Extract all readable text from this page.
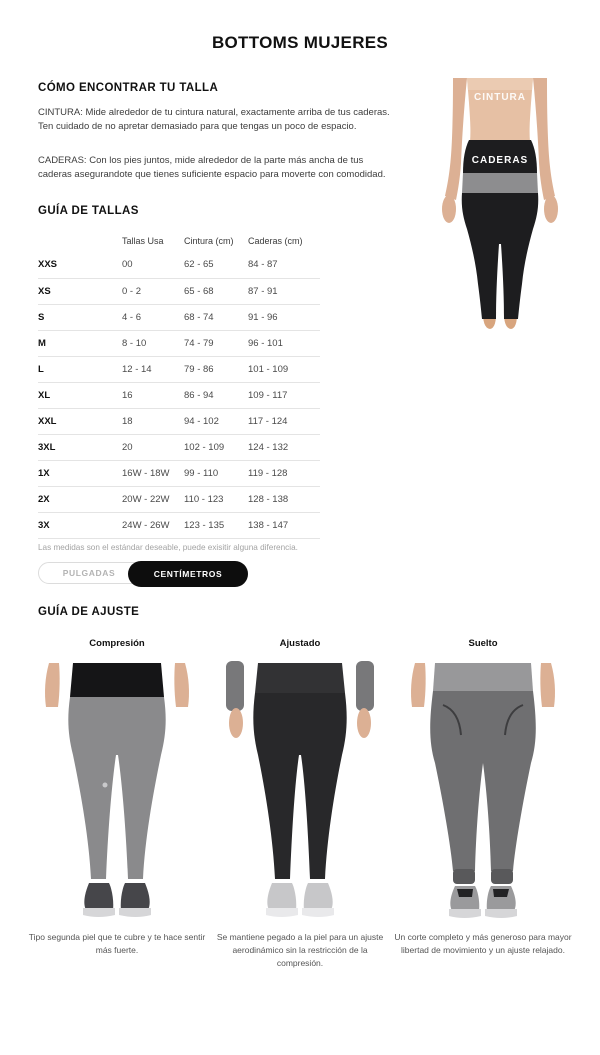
BOTTOMS MUJERES
CÓMO ENCONTRAR TU TALLA

CINTURA: Mide alrededor de tu cintura natural, exactamente arriba de tus caderas. Ten cuidado de no apretar demasiado para que tengas un poco de espacio.

CADERAS: Con los pies juntos, mide alrededor de la parte más ancha de tus caderas asegurandote que tienes suficiente espacio para moverte con comodidad.

CINTURA
CADERAS
GUÍA DE TALLAS
	Tallas Usa	Cintura (cm)	Caderas (cm)
XXS	00	62 - 65	84 - 87
XS	0 - 2	65 - 68	87 - 91
S	4 - 6	68 - 74	91 - 96
M	8 - 10	74 - 79	96 - 101
L	12 - 14	79 - 86	101 - 109
XL	16	86 - 94	109 - 117
XXL	18	94 - 102	117 - 124
3XL	20	102 - 109	124 - 132
1X	16W - 18W	99 - 110	119 - 128
2X	20W - 22W	110 - 123	128 - 138
3X	24W - 26W	123 - 135	138 - 147

Las medidas son el estándar deseable, puede exisitir alguna diferencia.

PULGADAS	CENTÍMETROS
GUÍA DE AJUSTE
Compresión

Tipo segunda piel que te cubre y te hace sentir más fuerte.

Ajustado

Se mantiene pegado a la piel para un ajuste aerodinámico sin la restricción de la compresión.

Suelto

Un corte completo y más generoso para mayor libertad de movimiento y un ajuste relajado.
